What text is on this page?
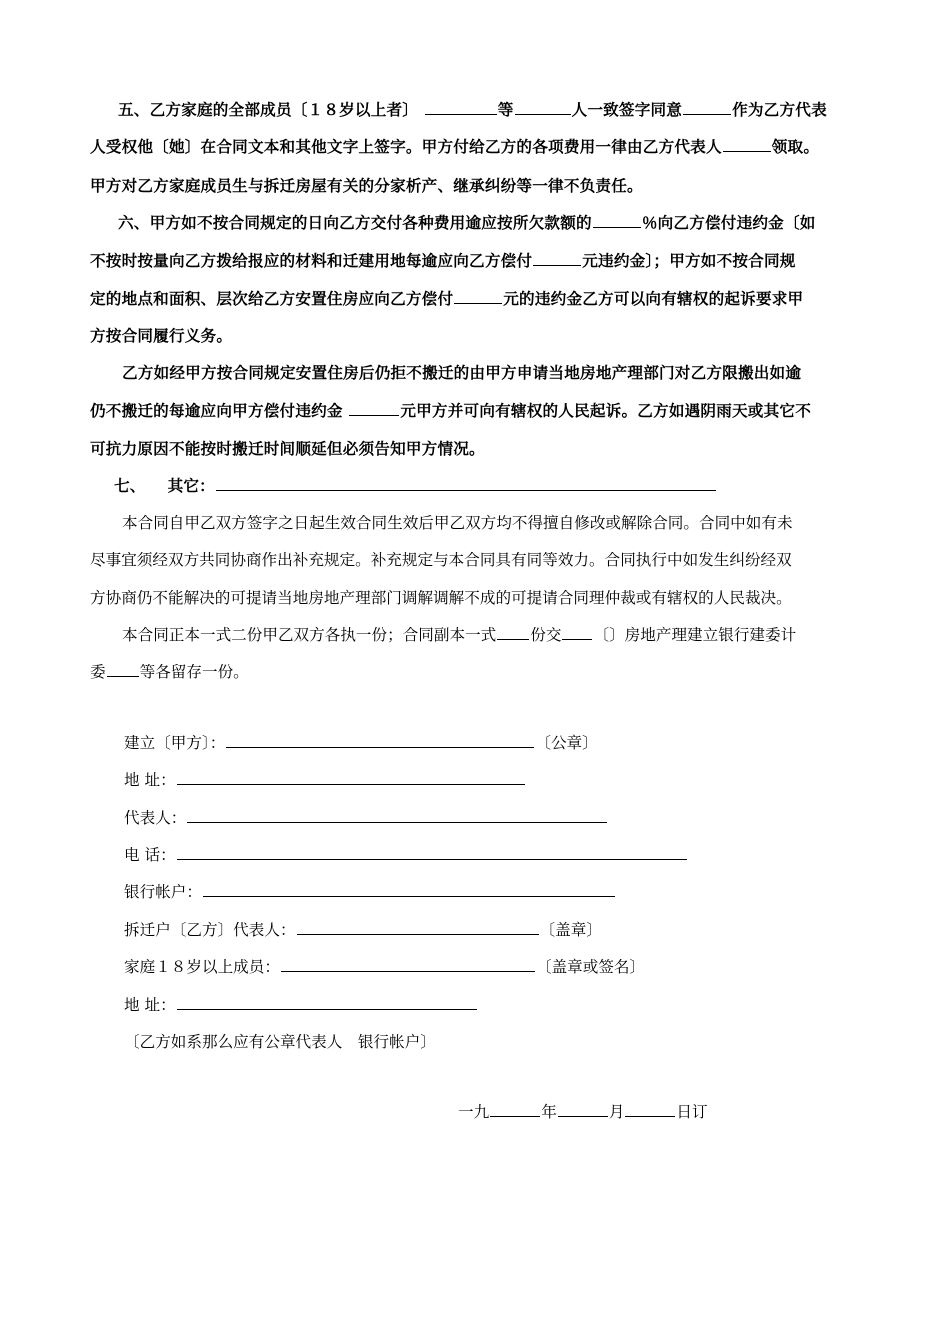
五、乙方家庭的全部成员〔１８岁以上者〕	等	人一致签字同意	作为乙方代表
人受权他〔她〕在合同文本和其他文字上签字。甲方付给乙方的各项费用一律由乙方代表人	领取。
甲方对乙方家庭成员生与拆迁房屋有关的分家析产、继承纠纷等一律不负责任。
六、甲方如不按合同规定的日向乙方交付各种费用逾应按所欠款额的	％向乙方偿付违约金〔如
不按时按量向乙方拨给报应的材料和迁建用地每逾应向乙方偿付	元违约金〕；甲方如不按合同规
定的地点和面积、层次给乙方安置住房应向乙方偿付	元的违约金乙方可以向有辖权的起诉要求甲
方按合同履行义务。
乙方如经甲方按合同规定安置住房后仍拒不搬迁的由甲方申请当地房地产理部门对乙方限搬出如逾
仍不搬迁的每逾应向甲方偿付违约金	元甲方并可向有辖权的人民起诉。乙方如遇阴雨天或其它不
可抗力原因不能按时搬迁时间顺延但必须告知甲方情况。
七、 其它：
本合同自甲乙双方签字之日起生效合同生效后甲乙双方均不得擅自修改或解除合同。合同中如有未
尽事宜须经双方共同协商作出补充规定。补充规定与本合同具有同等效力。合同执行中如发生纠纷经双
方协商仍不能解决的可提请当地房地产理部门调解调解不成的可提请合同理仲裁或有辖权的人民裁决。
本合同正本一式二份甲乙双方各执一份；合同副本一式 份交 〔〕房地产理建立银行建委计
委 等各留存一份。
建立〔甲方〕：	〔公章〕
地 址：
代表人：
电 话：
银行帐户：
拆迁户〔乙方〕代表人：	〔盖章〕
家庭１８岁以上成员：	〔盖章或签名〕
地 址：
〔乙方如系那么应有公章代表人　银行帐户〕
一九	年	月	日订
